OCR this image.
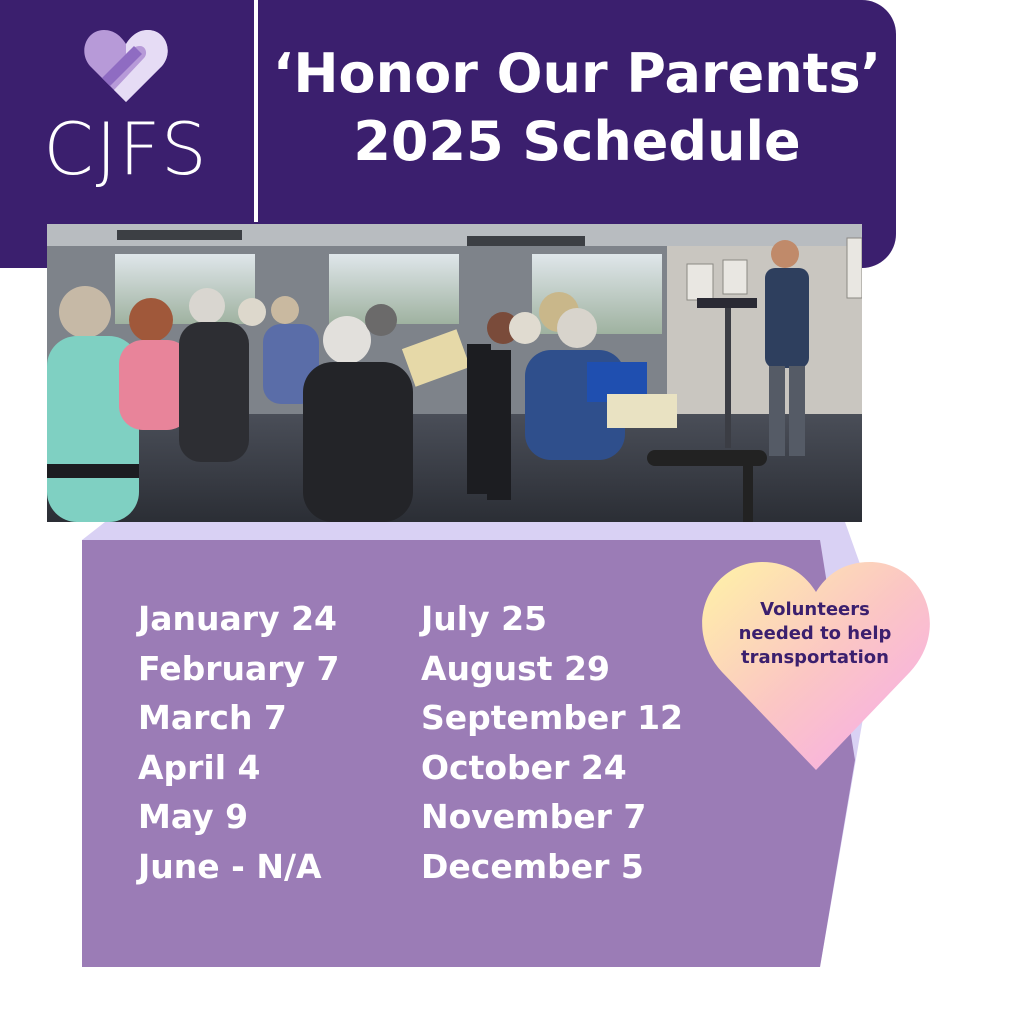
CJFS
‘Honor Our Parents’
2025 Schedule
January 24
February 7
March 7
April 4
May 9
June - N/A
July 25
August 29
September 12
October 24
November 7
December 5
Volunteers
needed to help
transportation
